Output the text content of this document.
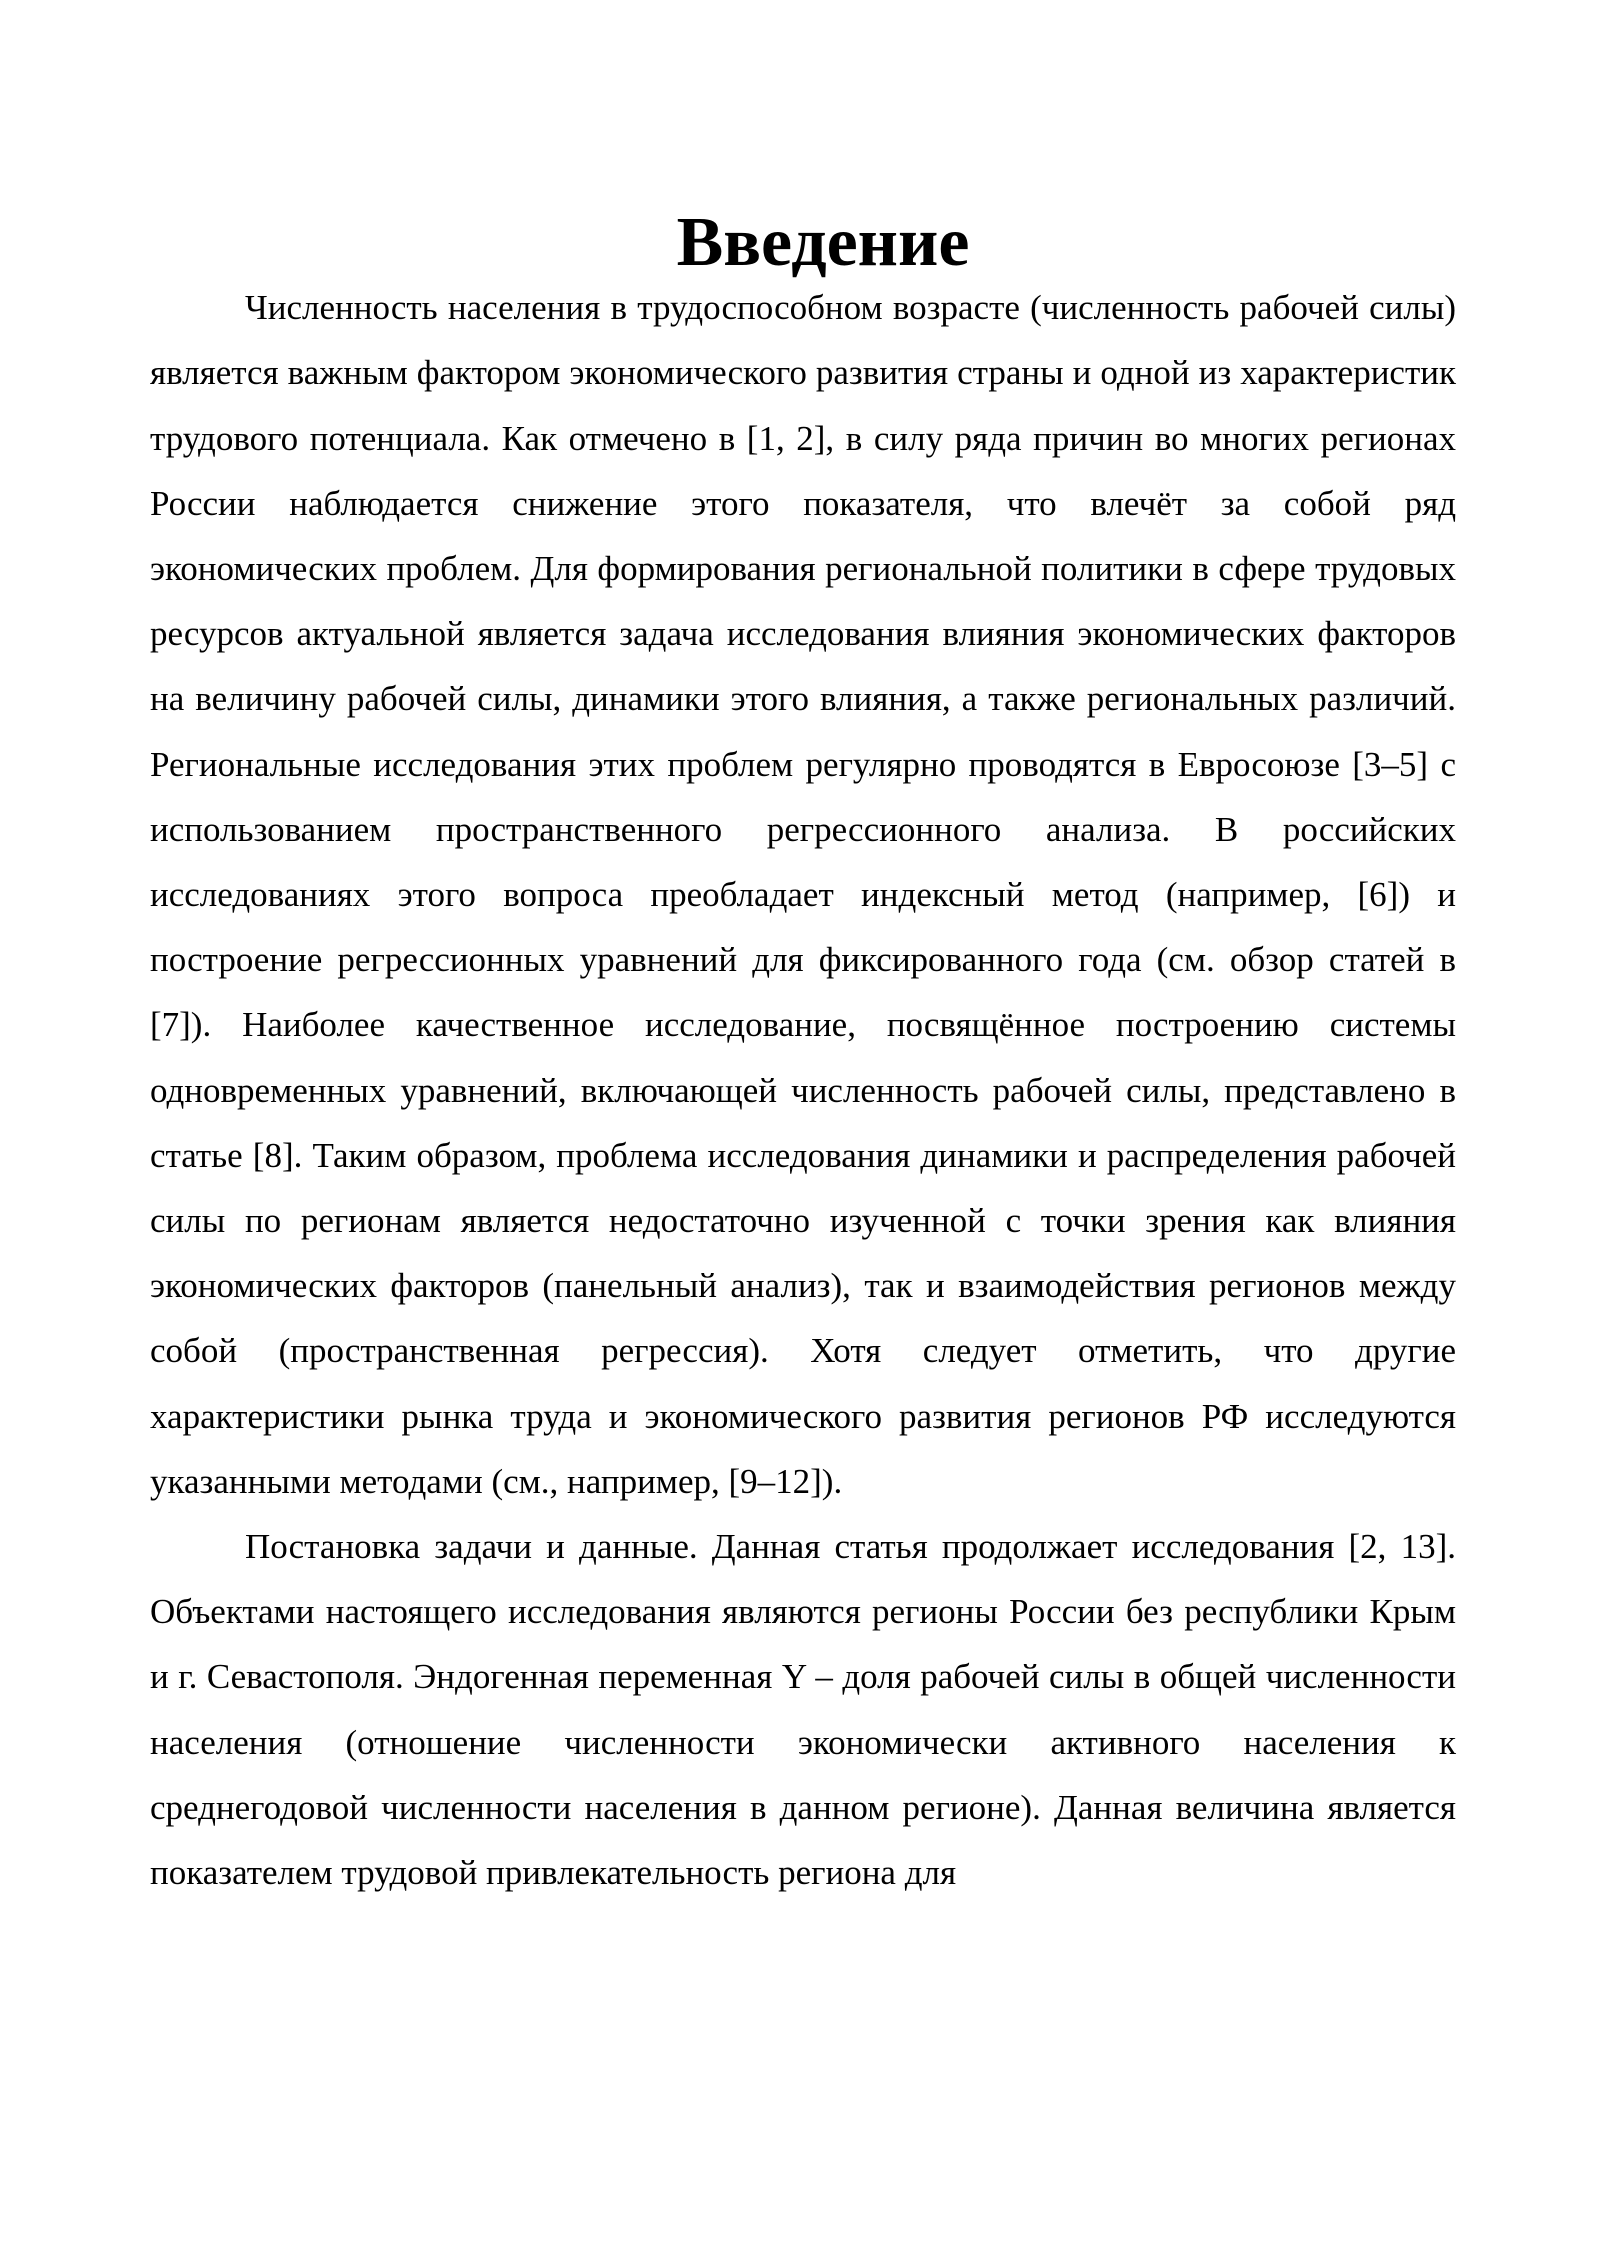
Введение

Численность населения в трудоспособном возрасте (численность рабочей силы) является важным фактором экономического развития страны и одной из характеристик трудового потенциала. Как отмечено в [1, 2], в силу ряда причин во многих регионах России наблюдается снижение этого показателя, что влечёт за собой ряд экономических проблем. Для формирования региональной политики в сфере трудовых ресурсов актуальной является задача исследования влияния экономических факторов на величину рабочей силы, динамики этого влияния, а также региональных различий. Региональные исследования этих проблем регулярно проводятся в Евросоюзе [3–5] с использованием пространственного регрессионного анализа. В российских исследованиях этого вопроса преобладает индексный метод (например, [6]) и построение регрессионных уравнений для фиксированного года (см. обзор статей в [7]). Наиболее качественное исследование, посвящённое построению системы одновременных уравнений, включающей численность рабочей силы, представлено в статье [8]. Таким образом, проблема исследования динамики и распределения рабочей силы по регионам является недостаточно изученной с точки зрения как влияния экономических факторов (панельный анализ), так и взаимодействия регионов между собой (пространственная регрессия). Хотя следует отметить, что другие характеристики рынка труда и экономического развития регионов РФ исследуются указанными методами (см., например, [9–12]).

Постановка задачи и данные. Данная статья продолжает исследования [2, 13]. Объектами настоящего исследования являются регионы России без республики Крым и г. Севастополя. Эндогенная переменная Y – доля рабочей силы в общей численности населения (отношение численности экономически активного населения к среднегодовой численности населения в данном регионе). Данная величина является показателем трудовой привлекательность региона для
